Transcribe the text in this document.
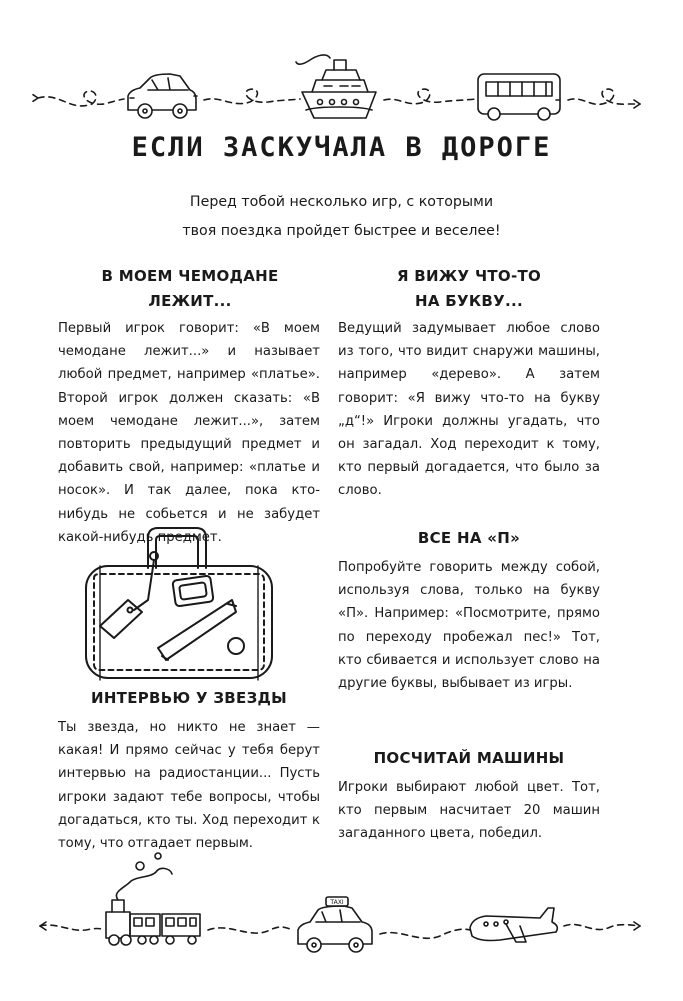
TAXI
ЕСЛИ ЗАСКУЧАЛА В ДОРОГЕ
Перед тобой несколько игр, с которыми
твоя поездка пройдет быстрее и веселее!
В МОЕМ ЧЕМОДАНЕ
ЛЕЖИТ...

Первый игрок говорит: «В моем чемодане лежит...» и называет любой предмет, например «платье». Второй игрок должен сказать: «В моем чемодане лежит...», затем повторить предыдущий предмет и добавить свой, например: «платье и носок». И так далее, пока кто-нибудь не собьется и не забудет какой-нибудь предмет.

Я ВИЖУ ЧТО-ТО
НА БУКВУ...

Ведущий задумывает любое слово из того, что видит снаружи машины, например «дерево». А затем говорит: «Я вижу что-то на букву „д“!» Игроки должны угадать, что он загадал. Ход переходит к тому, кто первый догадается, что было за слово.

ВСЕ НА «П»

Попробуйте говорить между собой, используя слова, только на букву «П». Например: «Посмотрите, прямо по переходу пробежал пес!» Тот, кто сбивается и использует слово на другие буквы, выбывает из игры.

ИНТЕРВЬЮ У ЗВЕЗДЫ

Ты звезда, но никто не знает — какая! И прямо сейчас у тебя берут интервью на радиостанции... Пусть игроки задают тебе вопросы, чтобы догадаться, кто ты. Ход переходит к тому, что отгадает первым.

ПОСЧИТАЙ МАШИНЫ

Игроки выбирают любой цвет. Тот, кто первым насчитает 20 машин загаданного цвета, победил.
